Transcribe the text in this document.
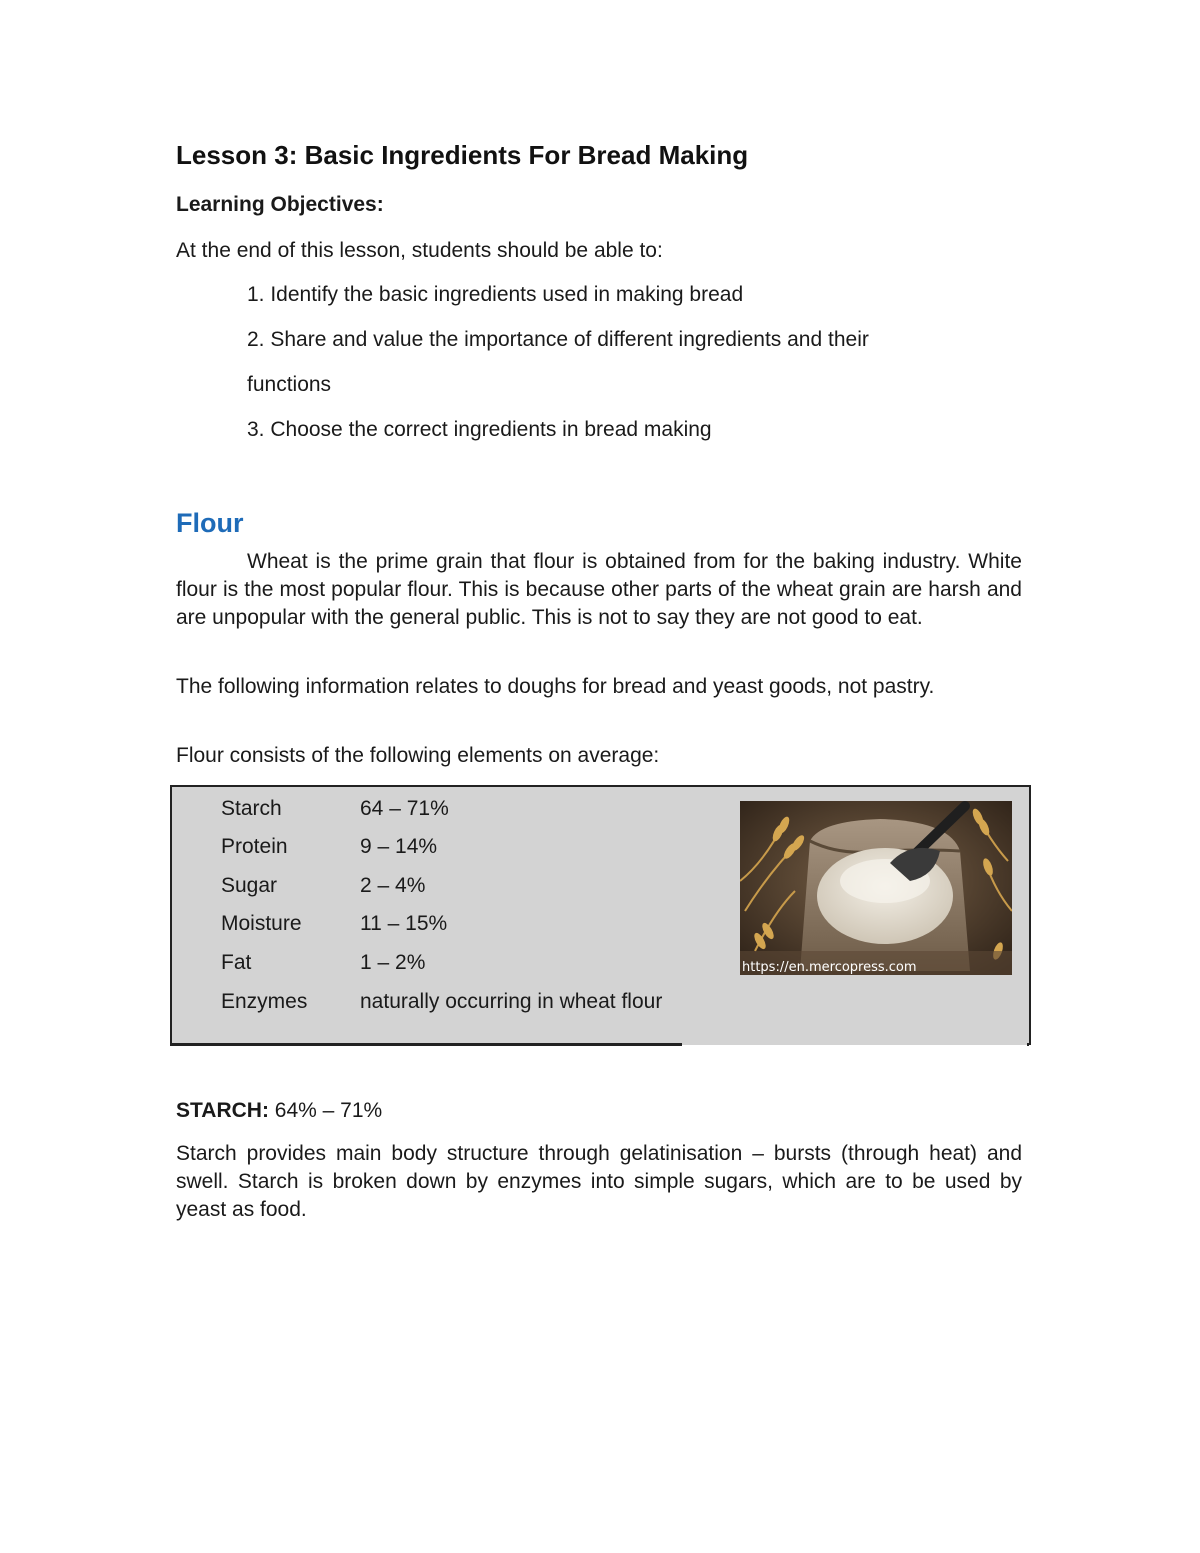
Lesson 3: Basic Ingredients For Bread Making
Learning Objectives:
At the end of this lesson, students should be able to:
1. Identify the basic ingredients used in making bread
2. Share and value the importance of different ingredients and their
functions
3. Choose the correct ingredients in bread making
Flour
Wheat is the prime grain that flour is obtained from for the baking industry. White flour is the most popular flour. This is because other parts of the wheat grain are harsh and are unpopular with the general public. This is not to say they are not good to eat.
The following information relates to doughs for bread and yeast goods, not pastry.
Flour consists of the following elements on average:
Starch	64 – 71%
Protein	9 – 14%
Sugar	2 – 4%
Moisture	11 – 15%
Fat	1 – 2%
Enzymes	naturally occurring in wheat flour
https://en.mercopress.com
STARCH: 64% – 71%
Starch provides main body structure through gelatinisation – bursts (through heat) and swell. Starch is broken down by enzymes into simple sugars, which are to be used by yeast as food.
